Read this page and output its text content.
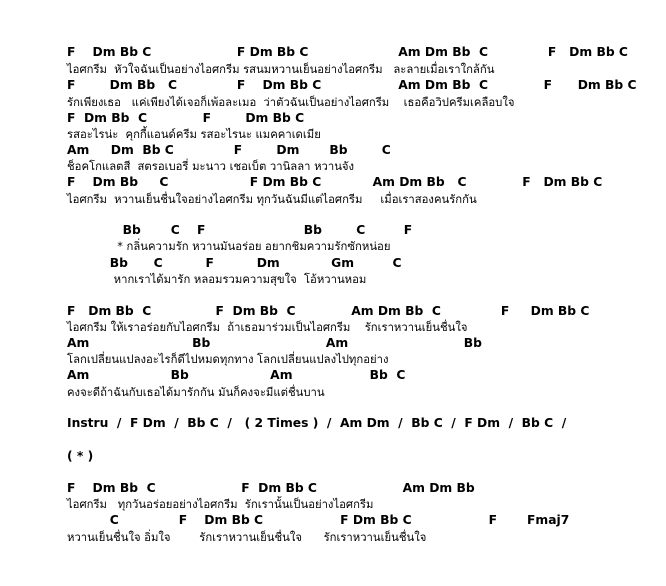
F    Dm Bb C                    F Dm Bb C                     Am Dm Bb  C              F   Dm Bb C
ไอศกรีม  หัวใจฉันเป็นอย่างไอศกรีม รสนมหวานเย็นอย่างไอศกรีม   ละลายเมื่อเราใกล้กัน
F        Dm Bb   C              F    Dm Bb C                  Am Dm Bb  C             F      Dm Bb C
รักเพียงเธอ   แค่เพียงได้เจอก็เพ้อละเมอ  ว่าตัวฉันเป็นอย่างไอศกรีม    เธอคือวิปครีมเคลือบใจ
F  Dm Bb  C             F        Dm Bb C
รสอะไรน่ะ  คุกกี้แอนด์ครีม รสอะไรนะ แมคคาเดเมีย
Am     Dm  Bb C              F        Dm       Bb        C
ช็อคโกแลตสี  สตรอเบอรี่ มะนาว เชอเบ็ต วานิลลา หวานจัง
F    Dm Bb     C                   F Dm Bb C            Am Dm Bb   C             F   Dm Bb C
ไอศกรีม  หวานเย็นชื่นใจอย่างไอศกรีม ทุกวันฉันมีแต่ไอศกรีม     เมื่อเราสองคนรักกัน
Bb       C    F                       Bb        C         F
* กลิ่นความรัก หวานมันอร่อย อยากชิมความรักซักหน่อย
Bb      C          F          Dm            Gm         C
หากเราได้มารัก หลอมรวมความสุขใจ  โอ้หวานหอม
F   Dm Bb  C               F  Dm Bb  C             Am Dm Bb  C              F     Dm Bb C
ไอศกรีม ให้เราอร่อยกับไอศกรีม  ถ้าเธอมาร่วมเป็นไอศกรีม    รักเราหวานเย็นชื่นใจ
Am                        Bb                           Am                           Bb
โลกเปลี่ยนแปลงอะไรก็ดีไปหมดทุกทาง โลกเปลี่ยนแปลงไปทุกอย่าง
Am                   Bb                   Am                  Bb  C
คงจะดีถ้าฉันกับเธอได้มารักกัน มันก็คงจะมีแต่ชื่นบาน
Instru  /  F Dm  /  Bb C  /   ( 2 Times )  /  Am Dm  /  Bb C  /  F Dm  /  Bb C  /
( * )
F    Dm Bb  C                    F  Dm Bb C                    Am Dm Bb
ไอศกรีม   ทุกวันอร่อยอย่างไอศกรีม  รักเรานั้นเป็นอย่างไอศกรีม
C              F    Dm Bb C                  F Dm Bb C                  F       Fmaj7
หวานเย็นชื่นใจ อิ่มใจ        รักเราหวานเย็นชื่นใจ      รักเราหวานเย็นชื่นใจ
